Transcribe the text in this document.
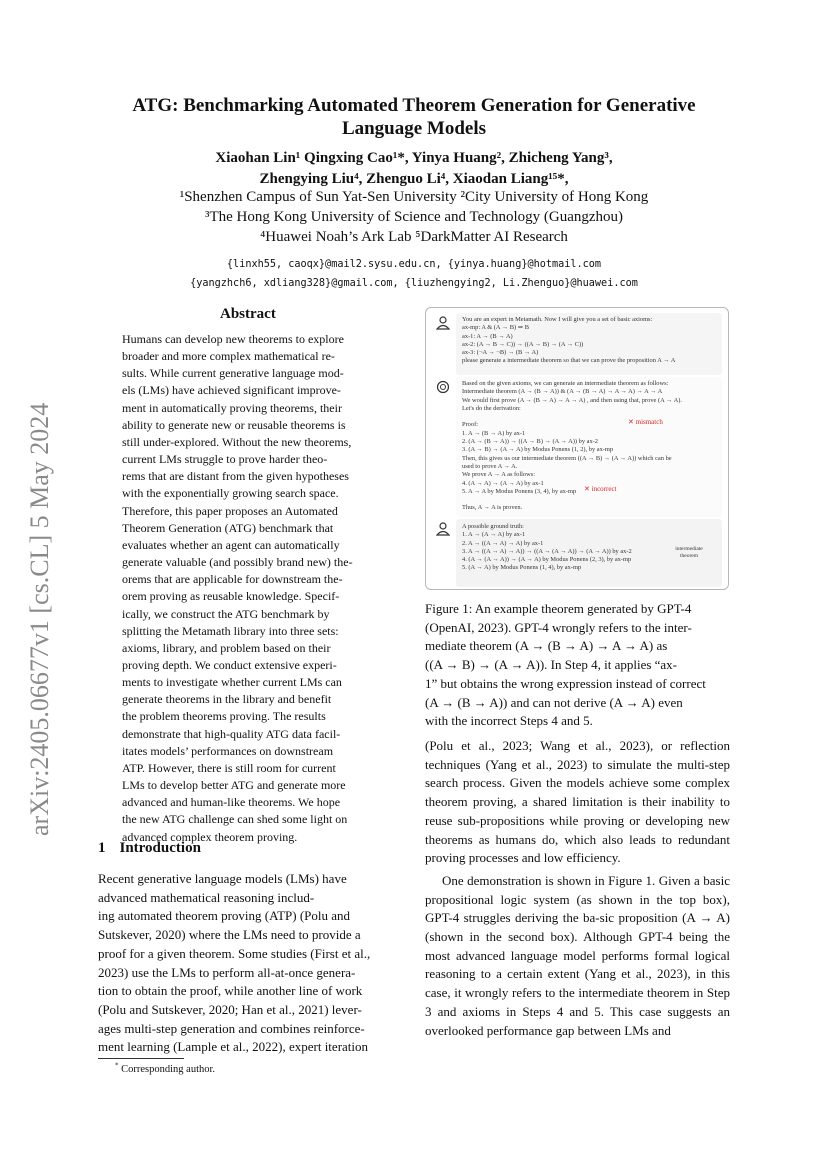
arXiv:2405.06677v1 [cs.CL] 5 May 2024
ATG: Benchmarking Automated Theorem Generation for Generative
Language Models
Xiaohan Lin¹ Qingxing Cao¹*, Yinya Huang², Zhicheng Yang³,
Zhengying Liu⁴, Zhenguo Li⁴, Xiaodan Liang¹⁵*,
¹Shenzhen Campus of Sun Yat-Sen University ²City University of Hong Kong
³The Hong Kong University of Science and Technology (Guangzhou)
⁴Huawei Noah’s Ark Lab ⁵DarkMatter AI Research
{linxh55, caoqx}@mail2.sysu.edu.cn, {yinya.huang}@hotmail.com
{yangzhch6, xdliang328}@gmail.com, {liuzhengying2, Li.Zhenguo}@huawei.com
Abstract
Humans can develop new theorems to explore
broader and more complex mathematical re-
sults. While current generative language mod-
els (LMs) have achieved significant improve-
ment in automatically proving theorems, their
ability to generate new or reusable theorems is
still under-explored. Without the new theorems,
current LMs struggle to prove harder theo-
rems that are distant from the given hypotheses
with the exponentially growing search space.
Therefore, this paper proposes an Automated
Theorem Generation (ATG) benchmark that
evaluates whether an agent can automatically
generate valuable (and possibly brand new) the-
orems that are applicable for downstream the-
orem proving as reusable knowledge. Specif-
ically, we construct the ATG benchmark by
splitting the Metamath library into three sets:
axioms, library, and problem based on their
proving depth. We conduct extensive experi-
ments to investigate whether current LMs can
generate theorems in the library and benefit
the problem theorems proving. The results
demonstrate that high-quality ATG data facil-
itates models’ performances on downstream
ATP. However, there is still room for current
LMs to develop better ATG and generate more
advanced and human-like theorems. We hope
the new ATG challenge can shed some light on
advanced complex theorem proving.
1 Introduction
Recent generative language models (LMs) have
advanced mathematical reasoning includ-
ing automated theorem proving (ATP) (Polu and
Sutskever, 2020) where the LMs need to provide a
proof for a given theorem. Some studies (First et al.,
2023) use the LMs to perform all-at-once genera-
tion to obtain the proof, while another line of work
(Polu and Sutskever, 2020; Han et al., 2021) lever-
ages multi-step generation and combines reinforce-
ment learning (Lample et al., 2022), expert iteration
* Corresponding author.
You are an expert in Metamath. Now I will give you a set of basic axioms:
ax-mp: A & (A → B) ⇒ B
ax-1: A → (B → A)
ax-2: (A → B → C)) → ((A → B) → (A → C))
ax-3: (¬A → ¬B) → (B → A)
please generate a intermediate theorem so that we can prove the proposition A → A
Based on the given axioms, we can generate an intermediate theorem as follows:
Intermediate theorem (A → (B → A)) & (A → (B → A) → A → A) → A → A
We would first prove (A → (B → A) → A → A) , and then using that, prove (A → A).
Let's do the derivation:

Proof:
1. A → (B → A) by ax-1
2. (A → (B → A)) → ((A → B) → (A → A)) by ax-2
3. (A → B) → (A → A) by Modus Ponens (1, 2), by ax-mp
Then, this gives us our intermediate theorem ((A → B) → (A → A)) which can be
used to prove A → A.
We prove A → A as follows:
4. (A → A) → (A → A) by ax-1
5. A → A by Modus Ponens (3, 4), by ax-mp

Thus, A → A is proven.
A possible ground truth:
1. A → (A → A) by ax-1
2. A → ((A → A) → A) by ax-1
3. A → ((A → A) → A)) → ((A → (A → A)) → (A → A)) by ax-2
4. (A → (A → A)) → (A → A) by Modus Ponens (2, 3), by ax-mp
5. (A → A) by Modus Ponens (1, 4), by ax-mp
✕ mismatch
✕ incorrect
intermediate theorem
Figure 1: An example theorem generated by GPT-4
(OpenAI, 2023). GPT-4 wrongly refers to the inter-
mediate theorem (A → (B → A) → A → A) as
((A → B) → (A → A)). In Step 4, it applies “ax-
1” but obtains the wrong expression instead of correct
(A → (B → A)) and can not derive (A → A) even
with the incorrect Steps 4 and 5.

(Polu et al., 2023; Wang et al., 2023), or reflection techniques (Yang et al., 2023) to simulate the multi-step search process. Given the models achieve some complex theorem proving, a shared limitation is their inability to reuse sub-propositions while proving or developing new theorems as humans do, which also leads to redundant proving processes and low efficiency.

One demonstration is shown in Figure 1. Given a basic propositional logic system (as shown in the top box), GPT-4 struggles deriving the ba-sic proposition (A → A) (shown in the second box). Although GPT-4 being the most advanced language model performs formal logical reasoning to a certain extent (Yang et al., 2023), in this case, it wrongly refers to the intermediate theorem in Step 3 and axioms in Steps 4 and 5. This case suggests an overlooked performance gap between LMs and
